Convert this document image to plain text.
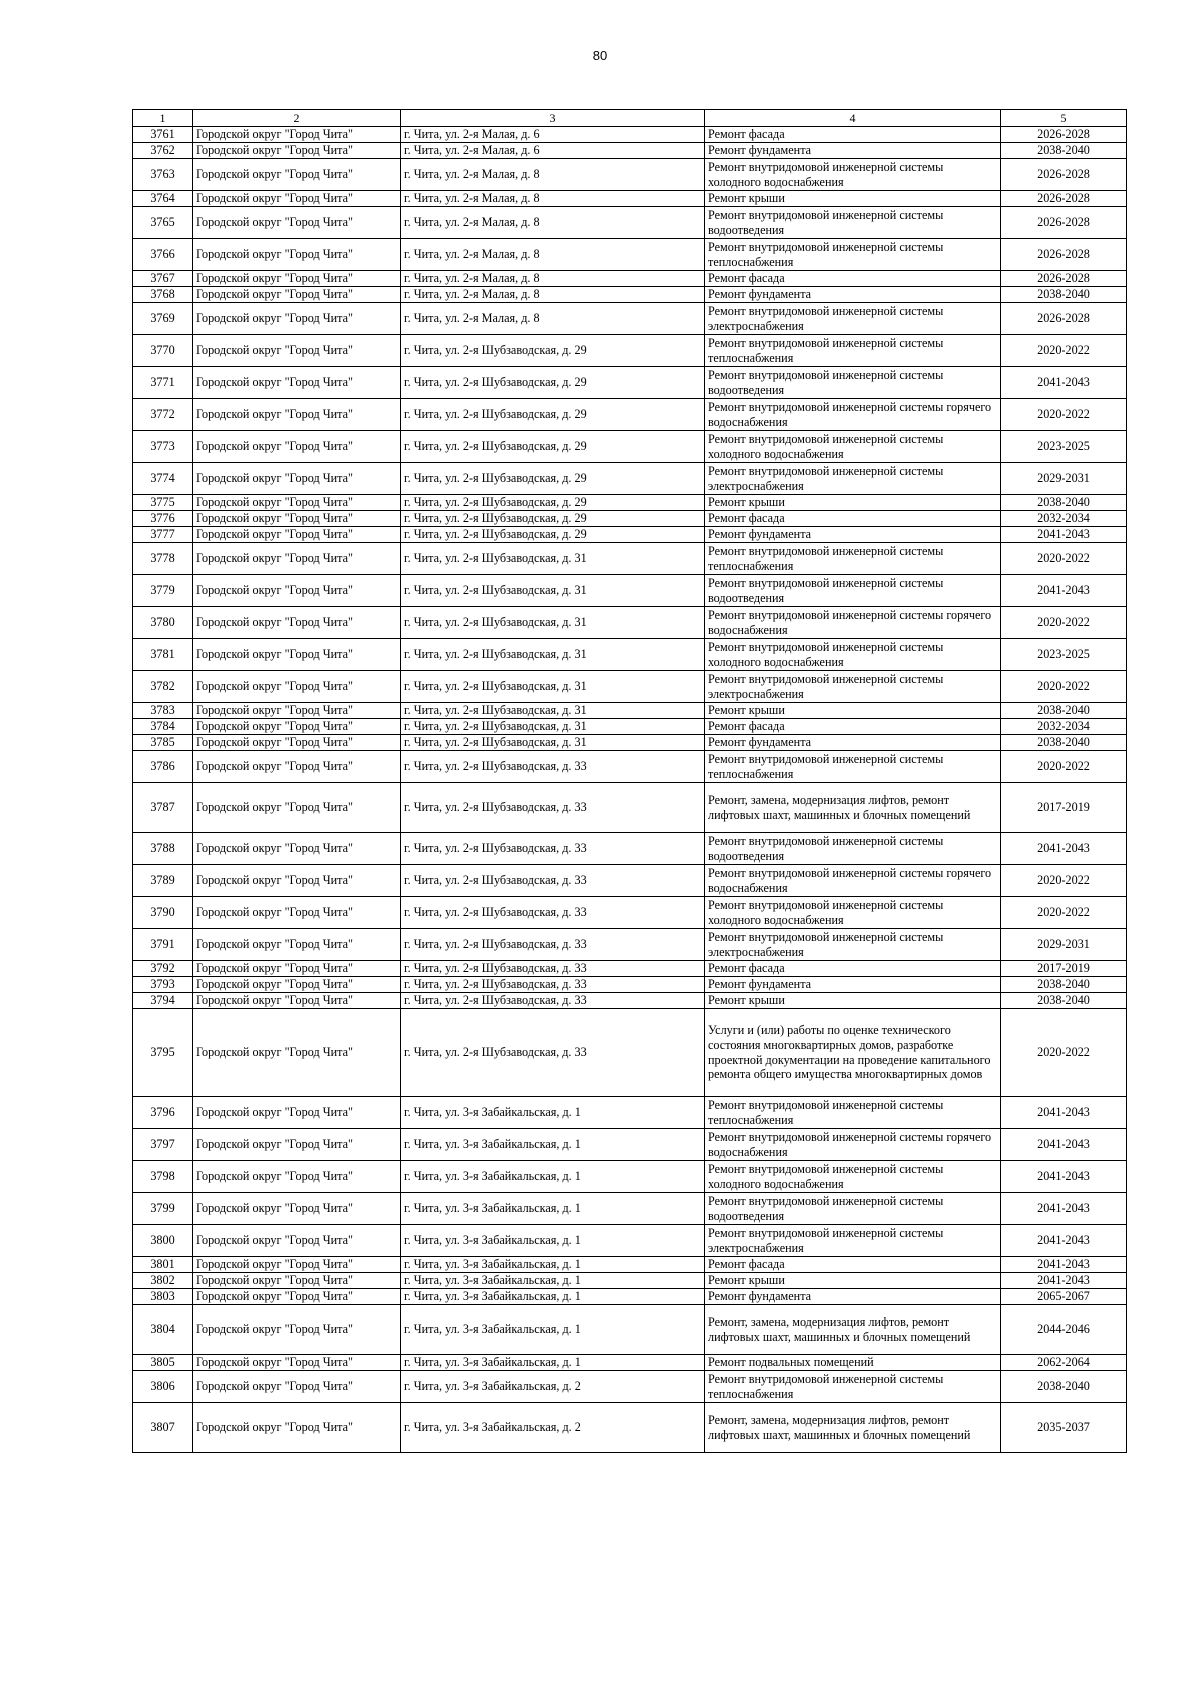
80
1	2	3	4	5
3761	Городской округ "Город Чита"	г. Чита, ул. 2-я Малая, д. 6	Ремонт фасада	2026-2028
3762	Городской округ "Город Чита"	г. Чита, ул. 2-я Малая, д. 6	Ремонт фундамента	2038-2040
3763	Городской округ "Город Чита"	г. Чита, ул. 2-я Малая, д. 8	Ремонт внутридомовой инженерной системы холодного водоснабжения	2026-2028
3764	Городской округ "Город Чита"	г. Чита, ул. 2-я Малая, д. 8	Ремонт крыши	2026-2028
3765	Городской округ "Город Чита"	г. Чита, ул. 2-я Малая, д. 8	Ремонт внутридомовой инженерной системы водоотведения	2026-2028
3766	Городской округ "Город Чита"	г. Чита, ул. 2-я Малая, д. 8	Ремонт внутридомовой инженерной системы теплоснабжения	2026-2028
3767	Городской округ "Город Чита"	г. Чита, ул. 2-я Малая, д. 8	Ремонт фасада	2026-2028
3768	Городской округ "Город Чита"	г. Чита, ул. 2-я Малая, д. 8	Ремонт фундамента	2038-2040
3769	Городской округ "Город Чита"	г. Чита, ул. 2-я Малая, д. 8	Ремонт внутридомовой инженерной системы электроснабжения	2026-2028
3770	Городской округ "Город Чита"	г. Чита, ул. 2-я Шубзаводская, д. 29	Ремонт внутридомовой инженерной системы теплоснабжения	2020-2022
3771	Городской округ "Город Чита"	г. Чита, ул. 2-я Шубзаводская, д. 29	Ремонт внутридомовой инженерной системы водоотведения	2041-2043
3772	Городской округ "Город Чита"	г. Чита, ул. 2-я Шубзаводская, д. 29	Ремонт внутридомовой инженерной системы горячего водоснабжения	2020-2022
3773	Городской округ "Город Чита"	г. Чита, ул. 2-я Шубзаводская, д. 29	Ремонт внутридомовой инженерной системы холодного водоснабжения	2023-2025
3774	Городской округ "Город Чита"	г. Чита, ул. 2-я Шубзаводская, д. 29	Ремонт внутридомовой инженерной системы электроснабжения	2029-2031
3775	Городской округ "Город Чита"	г. Чита, ул. 2-я Шубзаводская, д. 29	Ремонт крыши	2038-2040
3776	Городской округ "Город Чита"	г. Чита, ул. 2-я Шубзаводская, д. 29	Ремонт фасада	2032-2034
3777	Городской округ "Город Чита"	г. Чита, ул. 2-я Шубзаводская, д. 29	Ремонт фундамента	2041-2043
3778	Городской округ "Город Чита"	г. Чита, ул. 2-я Шубзаводская, д. 31	Ремонт внутридомовой инженерной системы теплоснабжения	2020-2022
3779	Городской округ "Город Чита"	г. Чита, ул. 2-я Шубзаводская, д. 31	Ремонт внутридомовой инженерной системы водоотведения	2041-2043
3780	Городской округ "Город Чита"	г. Чита, ул. 2-я Шубзаводская, д. 31	Ремонт внутридомовой инженерной системы горячего водоснабжения	2020-2022
3781	Городской округ "Город Чита"	г. Чита, ул. 2-я Шубзаводская, д. 31	Ремонт внутридомовой инженерной системы холодного водоснабжения	2023-2025
3782	Городской округ "Город Чита"	г. Чита, ул. 2-я Шубзаводская, д. 31	Ремонт внутридомовой инженерной системы электроснабжения	2020-2022
3783	Городской округ "Город Чита"	г. Чита, ул. 2-я Шубзаводская, д. 31	Ремонт крыши	2038-2040
3784	Городской округ "Город Чита"	г. Чита, ул. 2-я Шубзаводская, д. 31	Ремонт фасада	2032-2034
3785	Городской округ "Город Чита"	г. Чита, ул. 2-я Шубзаводская, д. 31	Ремонт фундамента	2038-2040
3786	Городской округ "Город Чита"	г. Чита, ул. 2-я Шубзаводская, д. 33	Ремонт внутридомовой инженерной системы теплоснабжения	2020-2022
3787	Городской округ "Город Чита"	г. Чита, ул. 2-я Шубзаводская, д. 33	Ремонт, замена, модернизация лифтов, ремонт лифтовых шахт, машинных и блочных помещений	2017-2019
3788	Городской округ "Город Чита"	г. Чита, ул. 2-я Шубзаводская, д. 33	Ремонт внутридомовой инженерной системы водоотведения	2041-2043
3789	Городской округ "Город Чита"	г. Чита, ул. 2-я Шубзаводская, д. 33	Ремонт внутридомовой инженерной системы горячего водоснабжения	2020-2022
3790	Городской округ "Город Чита"	г. Чита, ул. 2-я Шубзаводская, д. 33	Ремонт внутридомовой инженерной системы холодного водоснабжения	2020-2022
3791	Городской округ "Город Чита"	г. Чита, ул. 2-я Шубзаводская, д. 33	Ремонт внутридомовой инженерной системы электроснабжения	2029-2031
3792	Городской округ "Город Чита"	г. Чита, ул. 2-я Шубзаводская, д. 33	Ремонт фасада	2017-2019
3793	Городской округ "Город Чита"	г. Чита, ул. 2-я Шубзаводская, д. 33	Ремонт фундамента	2038-2040
3794	Городской округ "Город Чита"	г. Чита, ул. 2-я Шубзаводская, д. 33	Ремонт крыши	2038-2040
3795	Городской округ "Город Чита"	г. Чита, ул. 2-я Шубзаводская, д. 33	Услуги и (или) работы по оценке технического состояния многоквартирных домов, разработке проектной документации на проведение капитального ремонта общего имущества многоквартирных домов	2020-2022
3796	Городской округ "Город Чита"	г. Чита, ул. 3-я Забайкальская, д. 1	Ремонт внутридомовой инженерной системы теплоснабжения	2041-2043
3797	Городской округ "Город Чита"	г. Чита, ул. 3-я Забайкальская, д. 1	Ремонт внутридомовой инженерной системы горячего водоснабжения	2041-2043
3798	Городской округ "Город Чита"	г. Чита, ул. 3-я Забайкальская, д. 1	Ремонт внутридомовой инженерной системы холодного водоснабжения	2041-2043
3799	Городской округ "Город Чита"	г. Чита, ул. 3-я Забайкальская, д. 1	Ремонт внутридомовой инженерной системы водоотведения	2041-2043
3800	Городской округ "Город Чита"	г. Чита, ул. 3-я Забайкальская, д. 1	Ремонт внутридомовой инженерной системы электроснабжения	2041-2043
3801	Городской округ "Город Чита"	г. Чита, ул. 3-я Забайкальская, д. 1	Ремонт фасада	2041-2043
3802	Городской округ "Город Чита"	г. Чита, ул. 3-я Забайкальская, д. 1	Ремонт крыши	2041-2043
3803	Городской округ "Город Чита"	г. Чита, ул. 3-я Забайкальская, д. 1	Ремонт фундамента	2065-2067
3804	Городской округ "Город Чита"	г. Чита, ул. 3-я Забайкальская, д. 1	Ремонт, замена, модернизация лифтов, ремонт лифтовых шахт, машинных и блочных помещений	2044-2046
3805	Городской округ "Город Чита"	г. Чита, ул. 3-я Забайкальская, д. 1	Ремонт подвальных помещений	2062-2064
3806	Городской округ "Город Чита"	г. Чита, ул. 3-я Забайкальская, д. 2	Ремонт внутридомовой инженерной системы теплоснабжения	2038-2040
3807	Городской округ "Город Чита"	г. Чита, ул. 3-я Забайкальская, д. 2	Ремонт, замена, модернизация лифтов, ремонт лифтовых шахт, машинных и блочных помещений	2035-2037
